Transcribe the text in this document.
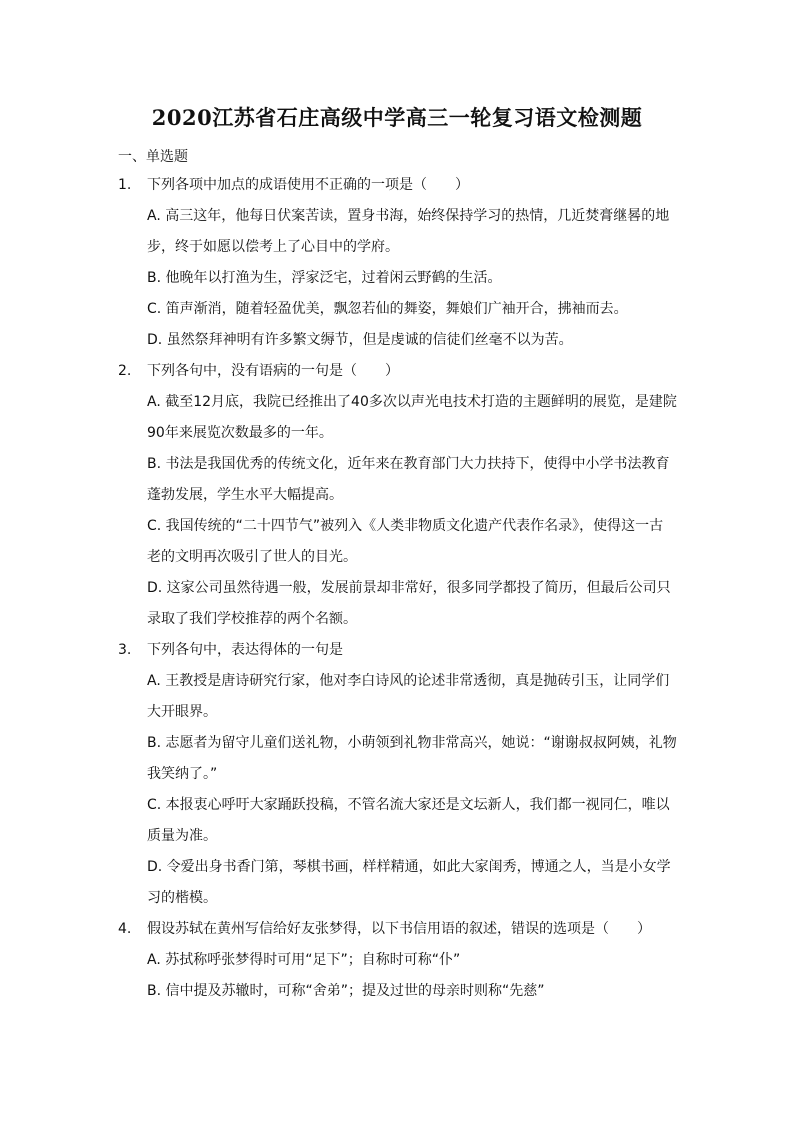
2020江苏省石庄高级中学高三一轮复习语文检测题
一、单选题
1. 下列各项中加点的成语使用不正确的一项是（　　）
A. 高三这年，他每日伏案苦读，置身书海，始终保持学习的热情，几近焚膏继晷的地步，终于如愿以偿考上了心目中的学府。
B. 他晚年以打渔为生，浮家泛宅，过着闲云野鹤的生活。
C. 笛声渐消，随着轻盈优美，飘忽若仙的舞姿，舞娘们广袖开合，拂袖而去。
D. 虽然祭拜神明有许多繁文缛节，但是虔诚的信徒们丝毫不以为苦。
2. 下列各句中，没有语病的一句是（　　）
A. 截至12月底，我院已经推出了40多次以声光电技术打造的主题鲜明的展览，是建院90年来展览次数最多的一年。
B. 书法是我国优秀的传统文化，近年来在教育部门大力扶持下，使得中小学书法教育蓬勃发展，学生水平大幅提高。
C. 我国传统的“二十四节气”被列入《人类非物质文化遗产代表作名录》，使得这一古老的文明再次吸引了世人的目光。
D. 这家公司虽然待遇一般，发展前景却非常好，很多同学都投了简历，但最后公司只录取了我们学校推荐的两个名额。
3. 下列各句中，表达得体的一句是
A. 王教授是唐诗研究行家，他对李白诗风的论述非常透彻，真是抛砖引玉，让同学们大开眼界。
B. 志愿者为留守儿童们送礼物，小萌领到礼物非常高兴，她说：“谢谢叔叔阿姨，礼物我笑纳了。”
C. 本报衷心呼吁大家踊跃投稿，不管名流大家还是文坛新人，我们都一视同仁，唯以质量为准。
D. 令爱出身书香门第，琴棋书画，样样精通，如此大家闺秀，博通之人，当是小女学习的楷模。
4. 假设苏轼在黄州写信给好友张梦得，以下书信用语的叙述，错误的选项是（　　）
A. 苏拭称呼张梦得时可用“足下”；自称时可称“仆”
B. 信中提及苏辙时，可称“舍弟”；提及过世的母亲时则称“先慈”
